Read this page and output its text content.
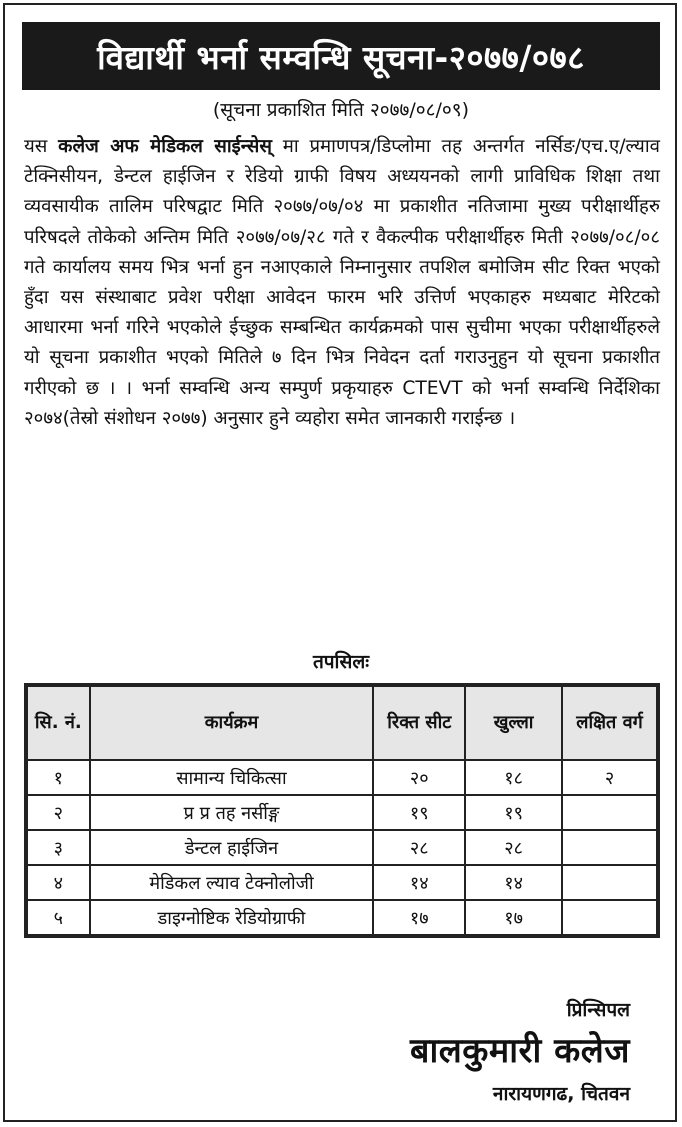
विद्यार्थी भर्ना सम्वन्धि सूचना-२०७७/०७८
(सूचना प्रकाशित मिति २०७७/०८/०९)
यस कलेज अफ मेडिकल साईन्सेस् मा प्रमाणपत्र/डिप्लोमा तह अन्तर्गत नर्सिङ/एच.ए/ल्याव टेक्निसीयन, डेन्टल हाईजिन र रेडियो ग्राफी विषय अध्ययनको लागी प्राविधिक शिक्षा तथा व्यवसायीक तालिम परिषद्वाट मिति २०७७/०७/०४ मा प्रकाशीत नतिजामा मुख्य परीक्षार्थीहरु परिषदले तोकेको अन्तिम मिति २०७७/०७/२८ गते र वैकल्पीक परीक्षार्थीहरु मिती २०७७/०८/०८ गते कार्यालय समय भित्र भर्ना हुन नआएकाले निम्नानुसार तपशिल बमोजिम सीट रिक्त भएको हुँदा यस संस्थाबाट प्रवेश परीक्षा आवेदन फारम भरि उत्तिर्ण भएकाहरु मध्यबाट मेरिटको आधारमा भर्ना गरिने भएकोले ईच्छुक सम्बन्धित कार्यक्रमको पास सुचीमा भएका परीक्षार्थीहरुले यो सूचना प्रकाशीत भएको मितिले ७ दिन भित्र निवेदन दर्ता गराउनुहुन यो सूचना प्रकाशीत गरीएको छ । । भर्ना सम्वन्धि अन्य सम्पुर्ण प्रकृयाहरु CTEVT को भर्ना सम्वन्धि निर्देशिका २०७४(तेस्रो संशोधन २०७७) अनुसार हुने व्यहोरा समेत जानकारी गराईन्छ ।
तपसिलः
सि. नं.	कार्यक्रम	रिक्त सीट	खुल्ला	लक्षित वर्ग
१	सामान्य चिकित्सा	२०	१८	२
२	प्र प्र तह नर्सीङ्ग	१९	१९	
३	डेन्टल हाईजिन	२८	२८	
४	मेडिकल ल्याव टेक्नोलोजी	१४	१४	
५	डाइग्नोष्टिक रेडियोग्राफी	१७	१७	
प्रिन्सिपल
बालकुमारी कलेज
नारायणगढ, चितवन
